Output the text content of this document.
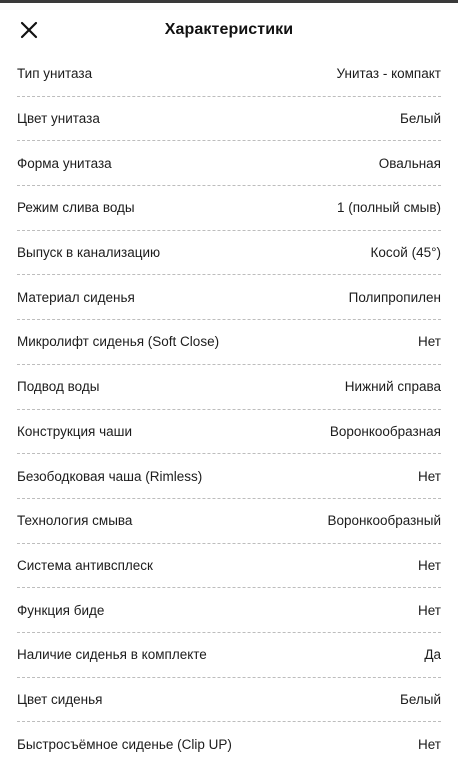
Характеристики
Тип унитаза	Унитаз - компакт
Цвет унитаза	Белый
Форма унитаза	Овальная
Режим слива воды	1 (полный смыв)
Выпуск в канализацию	Косой (45°)
Материал сиденья	Полипропилен
Микролифт сиденья (Soft Close)	Нет
Подвод воды	Нижний справа
Конструкция чаши	Воронкообразная
Безободковая чаша (Rimless)	Нет
Технология смыва	Воронкообразный
Система антивсплеск	Нет
Функция биде	Нет
Наличие сиденья в комплекте	Да
Цвет сиденья	Белый
Быстросъёмное сиденье (Clip UP)	Нет
